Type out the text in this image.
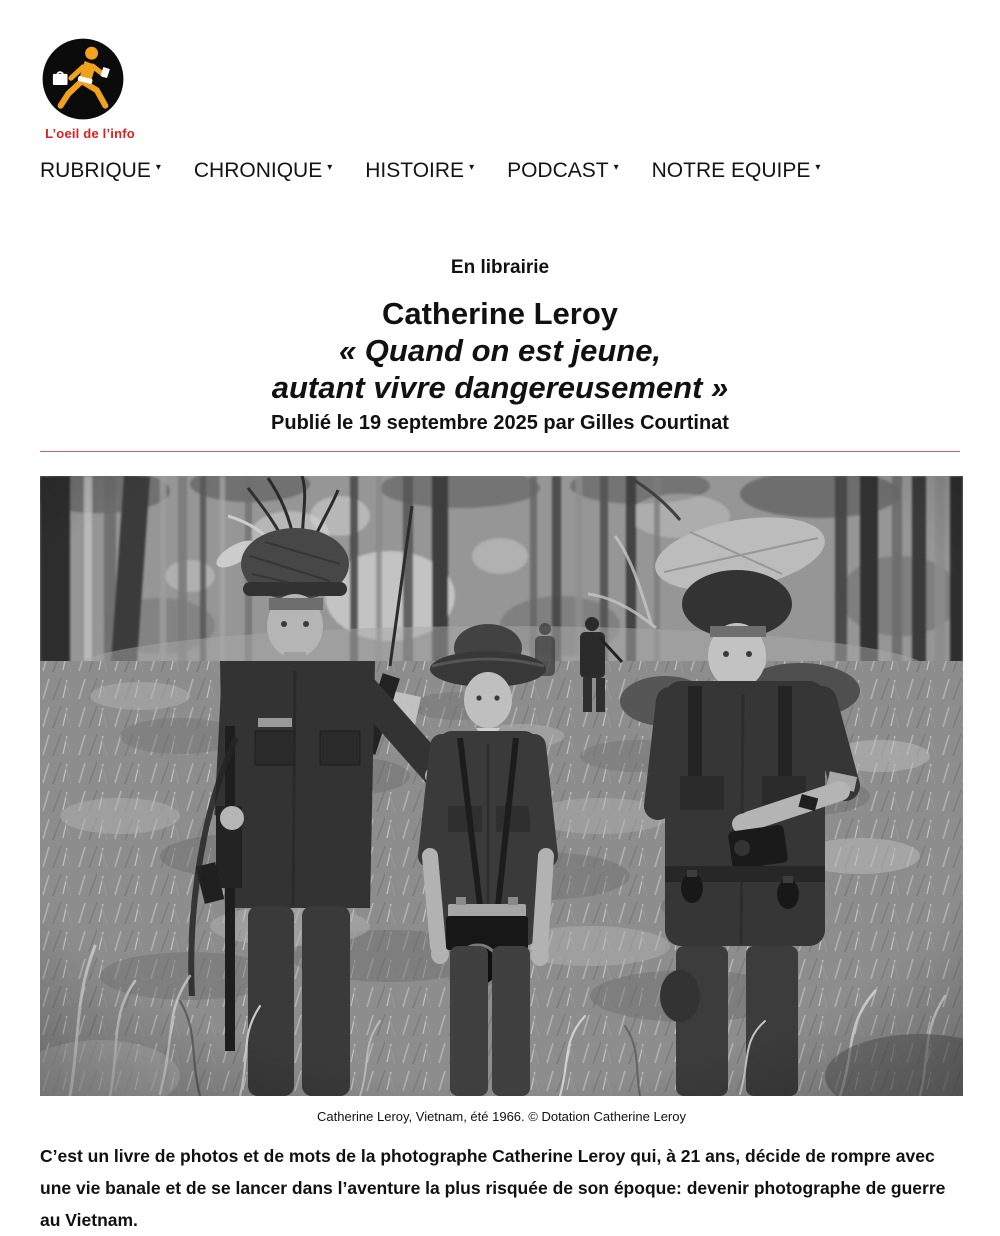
L’oeil de l’info
RUBRIQUE ▾ CHRONIQUE ▾ HISTOIRE ▾ PODCAST ▾ NOTRE EQUIPE ▾
En librairie
Catherine Leroy
« Quand on est jeune,
autant vivre dangereusement »
Publié le 19 septembre 2025 par Gilles Courtinat
Catherine Leroy, Vietnam, été 1966. © Dotation Catherine Leroy

C’est un livre de photos et de mots de la photographe Catherine Leroy qui, à 21 ans, décide de rompre avec une vie banale et de se lancer dans l’aventure la plus risquée de son époque: devenir photographe de guerre au Vietnam.
